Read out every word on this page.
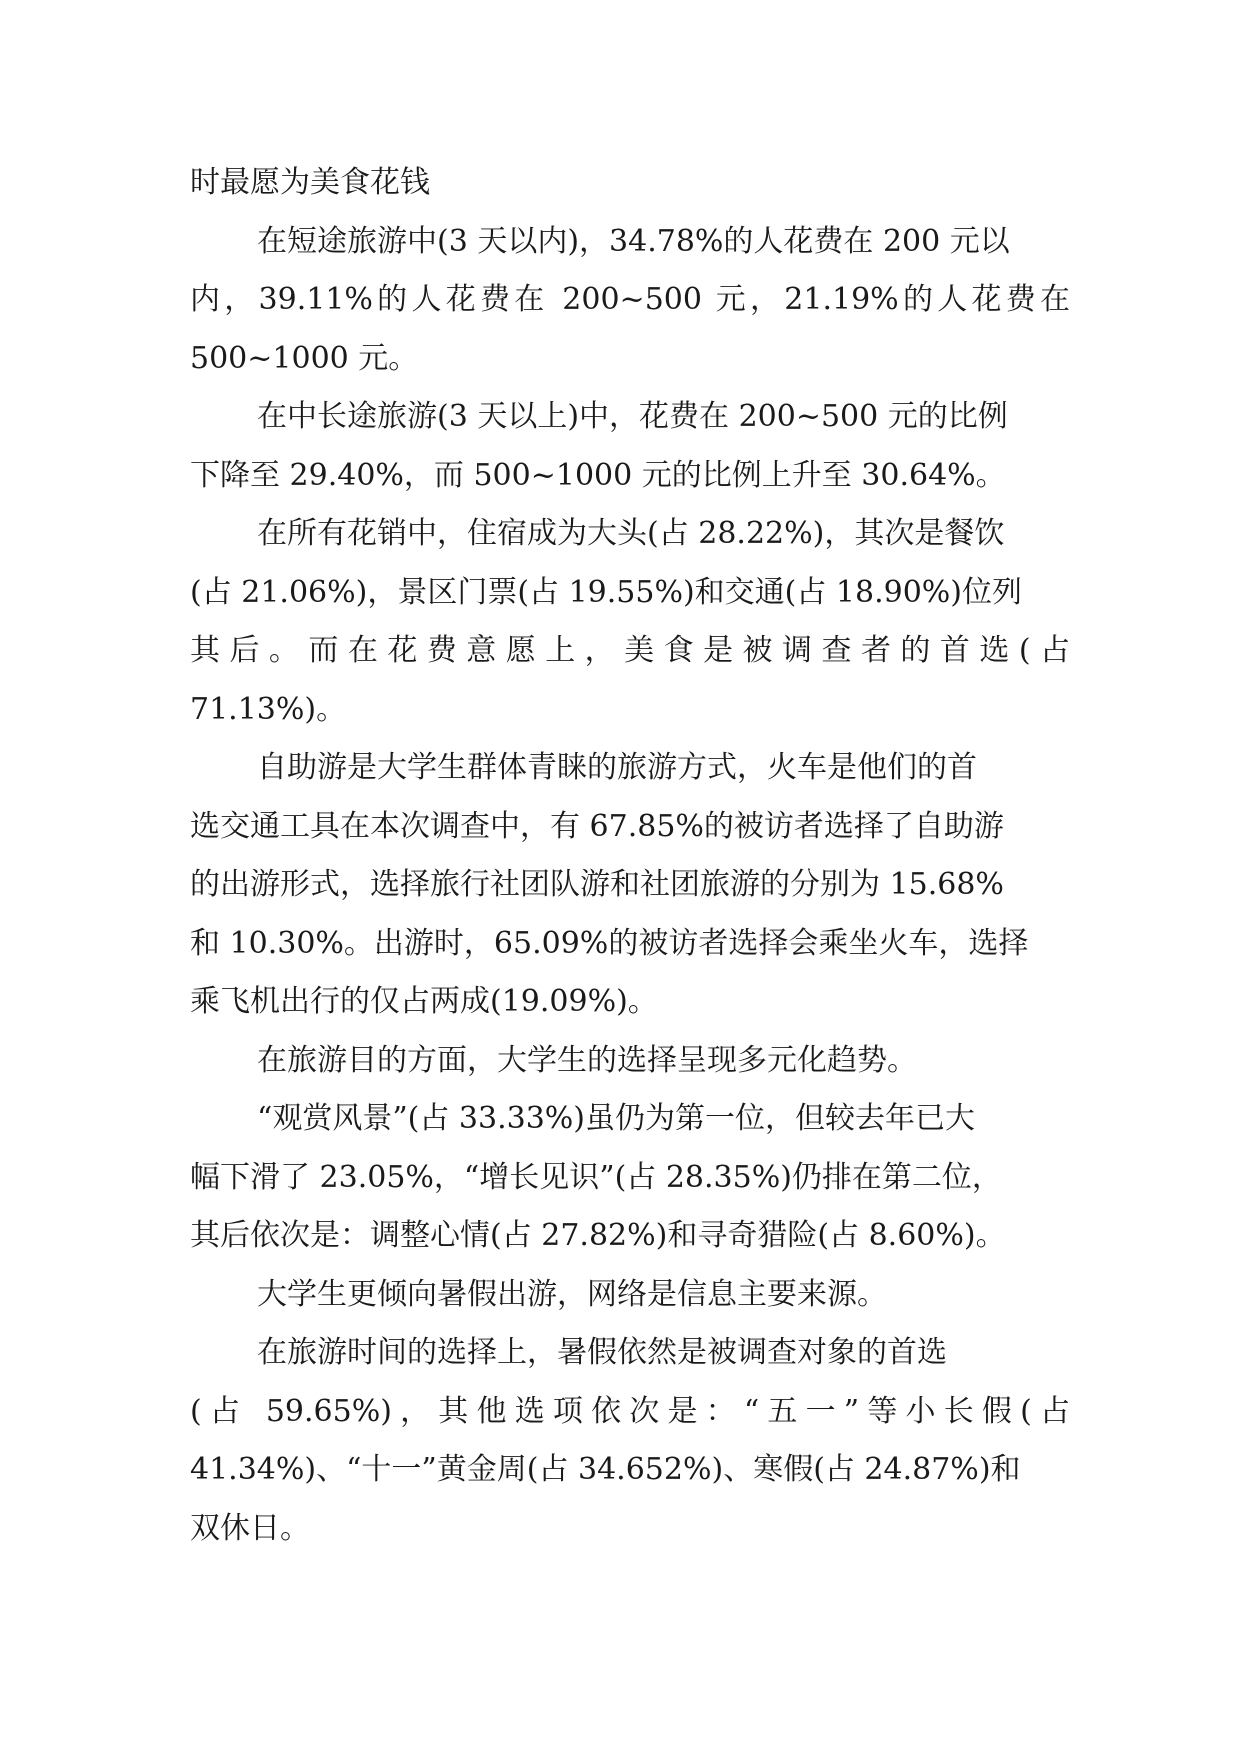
时最愿为美食花钱
在短途旅游中(3 天以内)，34.78%的人花费在 200 元以
内，39.11%的人花费在 200~500 元，21.19%的人花费在
500~1000 元。
在中长途旅游(3 天以上)中，花费在 200~500 元的比例
下降至 29.40%，而 500~1000 元的比例上升至 30.64%。
在所有花销中，住宿成为大头(占 28.22%)，其次是餐饮
(占 21.06%)，景区门票(占 19.55%)和交通(占 18.90%)位列
其后。而在花费意愿上，美食是被调查者的首选(占
71.13%)。
自助游是大学生群体青睐的旅游方式，火车是他们的首
选交通工具在本次调查中，有 67.85%的被访者选择了自助游
的出游形式，选择旅行社团队游和社团旅游的分别为 15.68%
和 10.30%。出游时，65.09%的被访者选择会乘坐火车，选择
乘飞机出行的仅占两成(19.09%)。
在旅游目的方面，大学生的选择呈现多元化趋势。
“观赏风景”(占 33.33%)虽仍为第一位，但较去年已大
幅下滑了 23.05%，“增长见识”(占 28.35%)仍排在第二位，
其后依次是：调整心情(占 27.82%)和寻奇猎险(占 8.60%)。
大学生更倾向暑假出游，网络是信息主要来源。
在旅游时间的选择上，暑假依然是被调查对象的首选
(占 59.65%)，其他选项依次是：“五一”等小长假(占
41.34%)、“十一”黄金周(占 34.652%)、寒假(占 24.87%)和
双休日。
